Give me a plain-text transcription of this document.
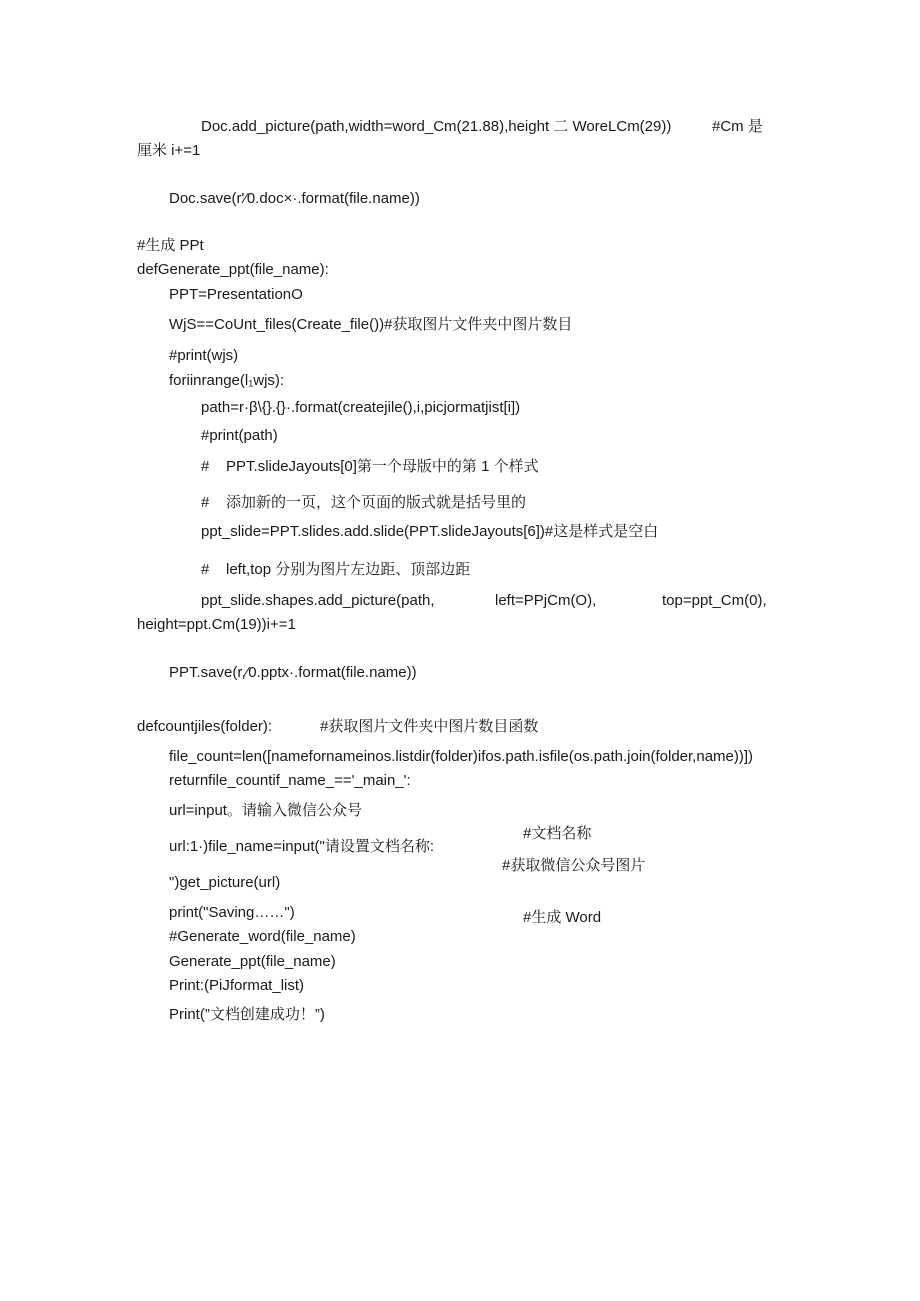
Doc.add_picture(path,width=word_Cm(21.88),height 二 WoreLCm(29))	#Cm 是
厘米 i+=1
Doc.save(r'⁄0.doc×·.format(file.name))
#生成 PPt
defGenerate_ppt(file_name):
PPT=PresentationO
WjS==CoUnt_files(Create_file())#获取图片文件夹中图片数目
#print(wjs)
foriinrange(l₁wjs):
path=r·β\{}.{}·.format(createjile(),i,picjormatjist[i])
#print(path)
#    PPT.slideJayouts[0]第一个母版中的第 1 个样式
#    添加新的一页，这个页面的版式就是括号里的
ppt_slide=PPT.slides.add.slide(PPT.slideJayouts[6])#这是样式是空白
#    left,top 分别为图片左边距、顶部边距
ppt_slide.shapes.add_picture(path,	left=PPjCm(O),	top=ppt_Cm(0),
height=ppt.Cm(19))i+=1
PPT.save(r,⁄0.pptx·.format(file.name))
defcountjiles(folder):	#获取图片文件夹中图片数目函数
file_count=len([namefornameinos.listdir(folder)ifos.path.isfile(os.path.join(folder,name))])
returnfile_countif_name_=='_main_':
url=input。请输入微信公众号
#文档名称
url:1·)file_name=input("请设置文档名称:
#获取微信公众号图片
")get_picture(url)
print("Saving……")	#生成 Word
#Generate_word(file_name)
Generate_ppt(file_name)
Print:(PiJformat_list)
Print(”文档创建成功！”)
